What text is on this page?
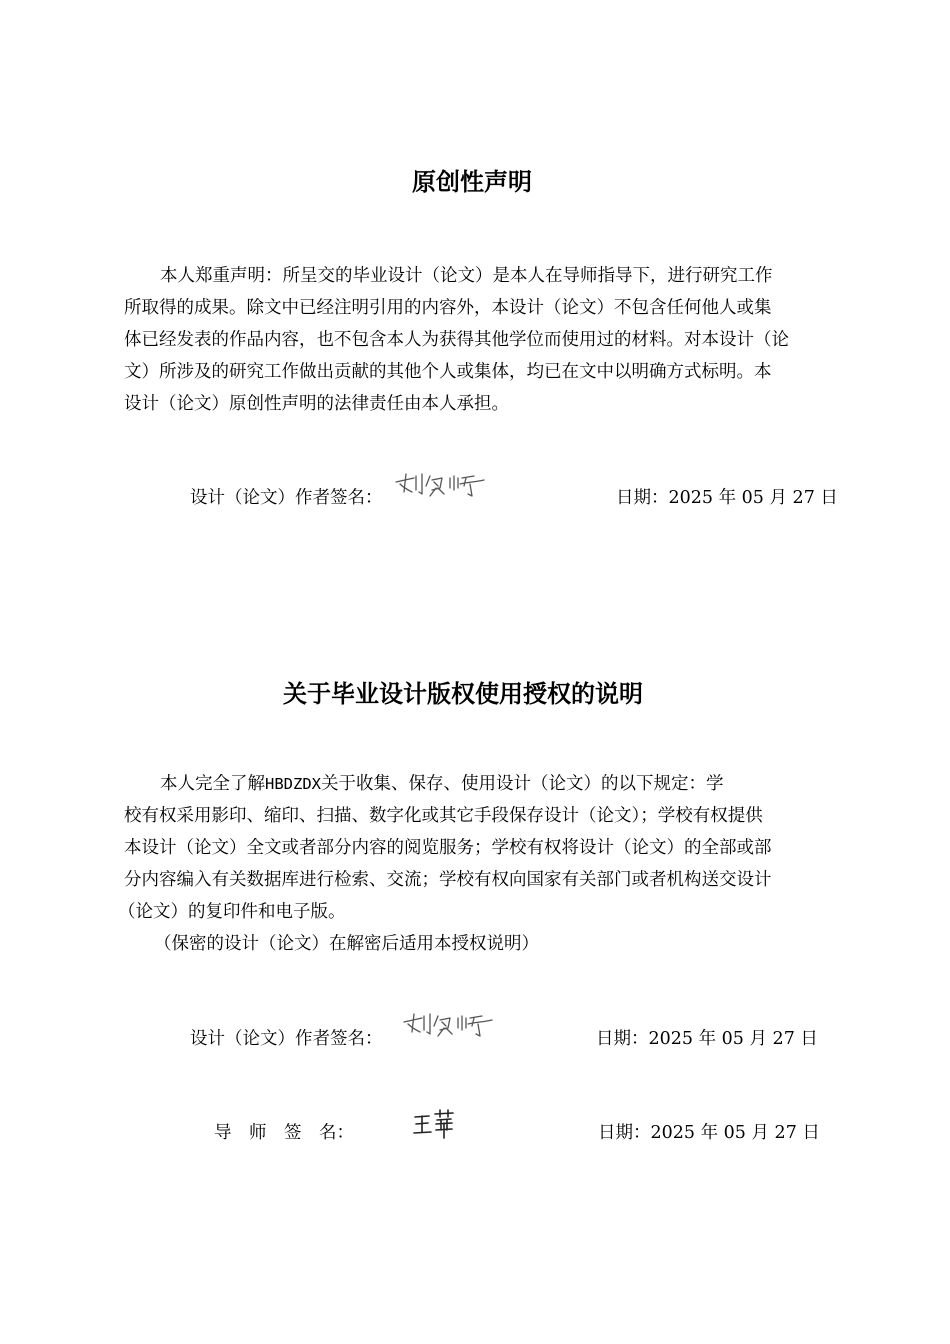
原创性声明
本人郑重声明：所呈交的毕业设计（论文）是本人在导师指导下，进行研究工作
所取得的成果。除文中已经注明引用的内容外，本设计（论文）不包含任何他人或集
体已经发表的作品内容，也不包含本人为获得其他学位而使用过的材料。对本设计（论
文）所涉及的研究工作做出贡献的其他个人或集体，均已在文中以明确方式标明。本
设计（论文）原创性声明的法律责任由本人承担。
设计（论文）作者签名：	日期：2025 年 05 月 27 日
关于毕业设计版权使用授权的说明
本人完全了解HBDZDX关于收集、保存、使用设计（论文）的以下规定：学
校有权采用影印、缩印、扫描、数字化或其它手段保存设计（论文）；学校有权提供
本设计（论文）全文或者部分内容的阅览服务；学校有权将设计（论文）的全部或部
分内容编入有关数据库进行检索、交流；学校有权向国家有关部门或者机构送交设计
（论文）的复印件和电子版。
（保密的设计（论文）在解密后适用本授权说明）
设计（论文）作者签名：	日期：2025 年 05 月 27 日
导　师　签　名：	日期：2025 年 05 月 27 日
